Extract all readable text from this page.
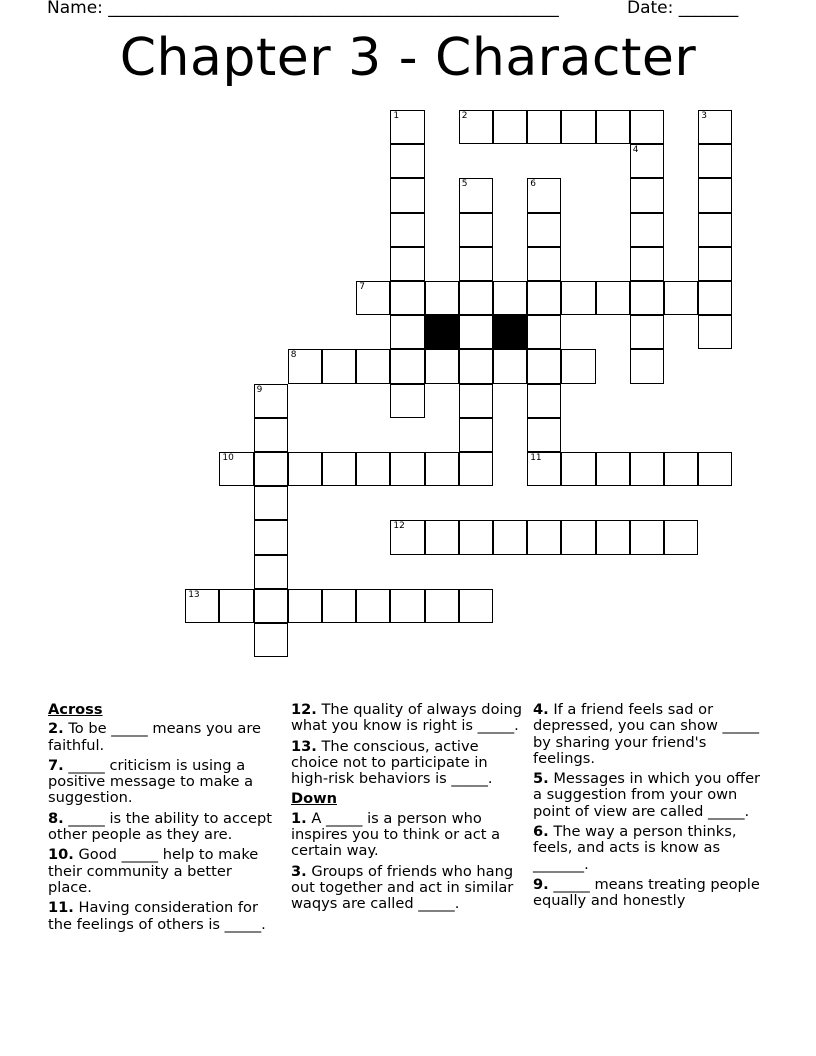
Name: _____________________________________________________	Date: _______
Chapter 3 - Character
1	2	3
4
5	6
7
8
9
10	11
12
13
Across
2. To be _____ means you are faithful.
7. _____ criticism is using a positive message to make a suggestion.
8. _____ is the ability to accept other people as they are.
10. Good _____ help to make their community a better place.
11. Having consideration for the feelings of others is _____.
12. The quality of always doing what you know is right is _____.
13. The conscious, active choice not to participate in high-risk behaviors is _____.
Down
1. A _____ is a person who inspires you to think or act a certain way.
3. Groups of friends who hang out together and act in similar waqys are called _____.
4. If a friend feels sad or depressed, you can show _____ by sharing your friend's feelings.
5. Messages in which you offer a suggestion from your own point of view are called _____.
6. The way a person thinks, feels, and acts is know as _______.
9. _____ means treating people equally and honestly
